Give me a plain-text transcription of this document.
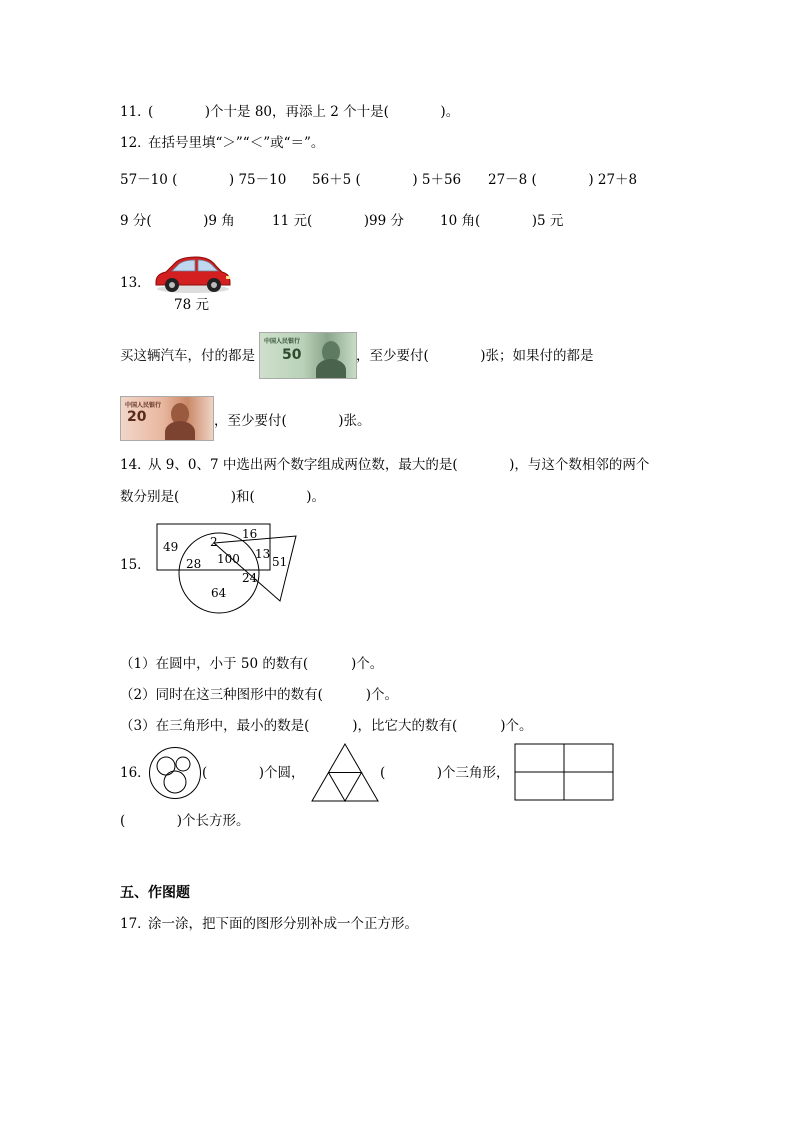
11．
(            )个十是 80，再添上 2 个十是(            )。
12．
在括号里填“＞”“＜”或“＝”。
57－10 (            ) 75－10 56＋5 (            ) 5＋56 27－8 (            ) 27＋8
9 分(            )9 角	11 元(            )99 分	10 角(            )5 元
13．
78 元
买这辆汽车，付的都是
中国人民银行
50	，至少要付(            )张；如果付的都是
中国人民银行
20	，至少要付(            )张。
14．
从 9、0、7 中选出两个数字组成两位数，最大的是(            )，与这个数相邻的两个
数分别是(            )和(            )。
15．
49	2
16
13
100
28	51
24
64
（1）在圆中，小于 50 的数有(          )个。
（2）同时在这三种图形中的数有(          )个。
（3）在三角形中，最小的数是(          )，比它大的数有(          )个。
16．	(            )个圆，	(            )个三角形，
(            )个长方形。
五、作图题
17．
涂一涂，把下面的图形分别补成一个正方形。
